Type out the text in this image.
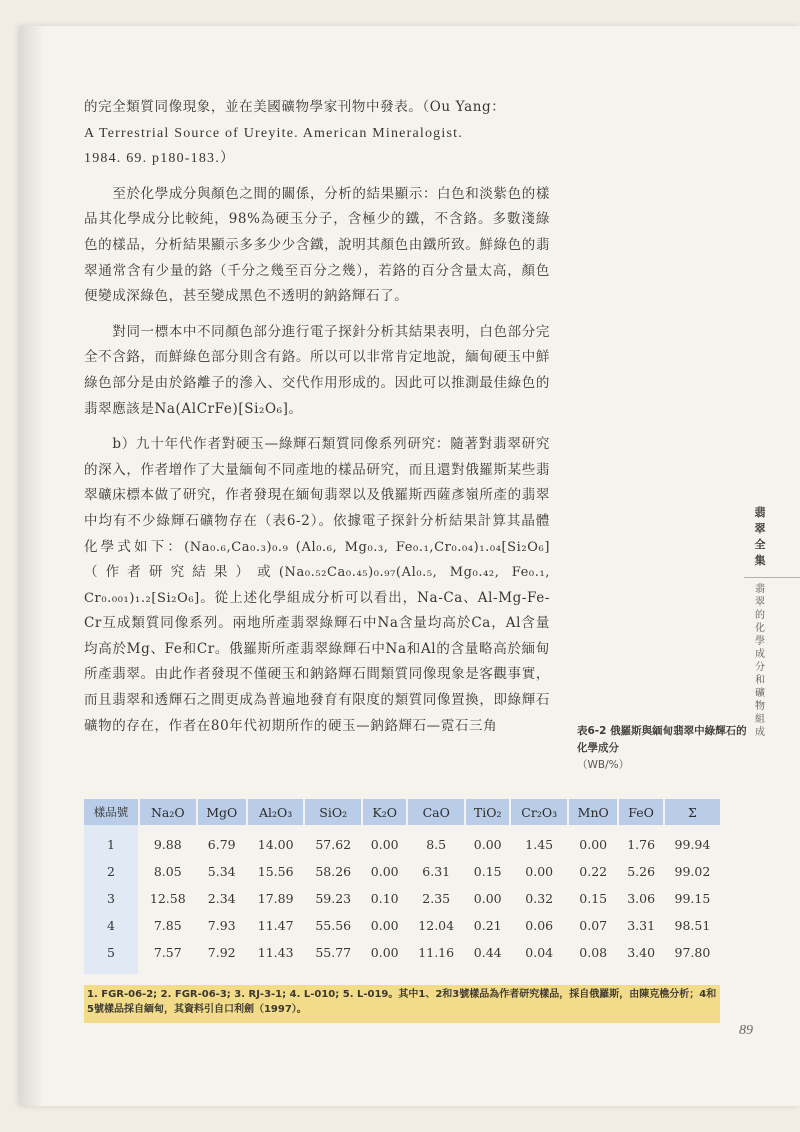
的完全類質同像現象，並在美國礦物學家刊物中發表。（Ou Yang：
A Terrestrial Source of Ureyite. American Mineralogist.
1984. 69. p180-183.）

至於化學成分與顏色之間的關係，分析的結果顯示：白色和淡紫色的樣品其化學成分比較純，98%為硬玉分子，含極少的鐵，不含鉻。多數淺綠色的樣品，分析結果顯示多多少少含鐵，說明其顏色由鐵所致。鮮綠色的翡翠通常含有少量的鉻（千分之幾至百分之幾），若鉻的百分含量太高，顏色便變成深綠色，甚至變成黑色不透明的鈉鉻輝石了。

對同一標本中不同顏色部分進行電子探針分析其結果表明，白色部分完全不含鉻，而鮮綠色部分則含有鉻。所以可以非常肯定地說，緬甸硬玉中鮮綠色部分是由於鉻離子的滲入、交代作用形成的。因此可以推測最佳綠色的翡翠應該是Na(AlCrFe)[Si₂O₆]。

b）九十年代作者對硬玉—綠輝石類質同像系列研究：隨著對翡翠研究的深入，作者增作了大量緬甸不同產地的樣品研究，而且還對俄羅斯某些翡翠礦床標本做了研究，作者發現在緬甸翡翠以及俄羅斯西薩彥嶺所產的翡翠中均有不少綠輝石礦物存在（表6-2）。依據電子探針分析結果計算其晶體化學式如下：(Na₀.₆,Ca₀.₃)₀.₉ (Al₀.₆, Mg₀.₃, Fe₀.₁,Cr₀.₀₄)₁.₀₄[Si₂O₆]（作者研究結果）或(Na₀.₅₂Ca₀.₄₅)₀.₉₇(Al₀.₅, Mg₀.₄₂, Fe₀.₁, Cr₀.₀₀₁)₁.₂[Si₂O₆]。從上述化學組成分析可以看出，Na-Ca、Al-Mg-Fe-Cr互成類質同像系列。兩地所產翡翠綠輝石中Na含量均高於Ca，Al含量均高於Mg、Fe和Cr。俄羅斯所產翡翠綠輝石中Na和Al的含量略高於緬甸所產翡翠。由此作者發現不僅硬玉和鈉鉻輝石間類質同像現象是客觀事實，而且翡翠和透輝石之間更成為普遍地發育有限度的類質同像置換，即綠輝石礦物的存在，作者在80年代初期所作的硬玉—鈉鉻輝石—霓石三角

翡翠全集
翡翠的化學成分和礦物組成
表6-2 俄羅斯與緬甸翡翠中綠輝石的化學成分
（WB/%）
樣品號	Na₂O	MgO	Al₂O₃	SiO₂	K₂O	CaO	TiO₂	Cr₂O₃	MnO	FeO	Σ
1	9.88	6.79	14.00	57.62	0.00	8.5	0.00	1.45	0.00	1.76	99.94
2	8.05	5.34	15.56	58.26	0.00	6.31	0.15	0.00	0.22	5.26	99.02
3	12.58	2.34	17.89	59.23	0.10	2.35	0.00	0.32	0.15	3.06	99.15
4	7.85	7.93	11.47	55.56	0.00	12.04	0.21	0.06	0.07	3.31	98.51
5	7.57	7.92	11.43	55.77	0.00	11.16	0.44	0.04	0.08	3.40	97.80
1. FGR-06-2; 2. FGR-06-3; 3. RJ-3-1; 4. L-010; 5. L-019。其中1、2和3號樣品為作者研究樣品，採自俄羅斯，由陳克樵分析；4和5號樣品採自緬甸，其資料引自口利劍（1997）。
89
